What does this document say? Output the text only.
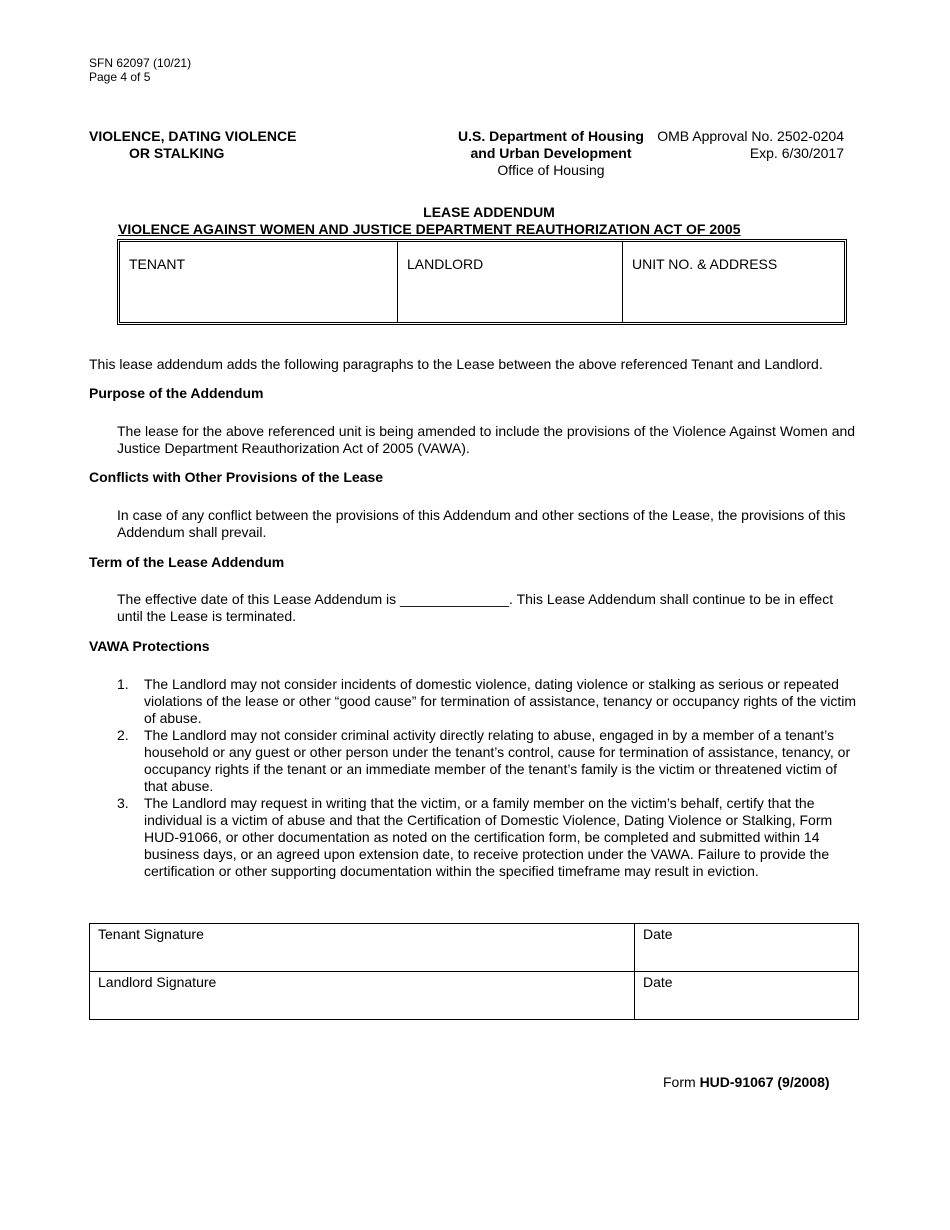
SFN 62097 (10/21)
Page 4 of 5
VIOLENCE, DATING VIOLENCE
OR STALKING
U.S. Department of Housing
and Urban Development
Office of Housing
OMB Approval No. 2502-0204
Exp. 6/30/2017
LEASE ADDENDUM
VIOLENCE AGAINST WOMEN AND JUSTICE DEPARTMENT REAUTHORIZATION ACT OF 2005
TENANT	LANDLORD	UNIT NO. & ADDRESS
This lease addendum adds the following paragraphs to the Lease between the above referenced Tenant and Landlord.
Purpose of the Addendum
The lease for the above referenced unit is being amended to include the provisions of the Violence Against Women and Justice Department Reauthorization Act of 2005 (VAWA).
Conflicts with Other Provisions of the Lease
In case of any conflict between the provisions of this Addendum and other sections of the Lease, the provisions of this Addendum shall prevail.
Term of the Lease Addendum
The effective date of this Lease Addendum is ______________. This Lease Addendum shall continue to be in effect until the Lease is terminated.
VAWA Protections
1.	The Landlord may not consider incidents of domestic violence, dating violence or stalking as serious or repeated violations of the lease or other “good cause” for termination of assistance, tenancy or occupancy rights of the victim of abuse.
2.	The Landlord may not consider criminal activity directly relating to abuse, engaged in by a member of a tenant’s household or any guest or other person under the tenant’s control, cause for termination of assistance, tenancy, or occupancy rights if the tenant or an immediate member of the tenant’s family is the victim or threatened victim of that abuse.
3.	The Landlord may request in writing that the victim, or a family member on the victim’s behalf, certify that the individual is a victim of abuse and that the Certification of Domestic Violence, Dating Violence or Stalking, Form HUD-91066, or other documentation as noted on the certification form, be completed and submitted within 14 business days, or an agreed upon extension date, to receive protection under the VAWA. Failure to provide the certification or other supporting documentation within the specified timeframe may result in eviction.
Tenant Signature	Date
Landlord Signature	Date
Form HUD-91067 (9/2008)
